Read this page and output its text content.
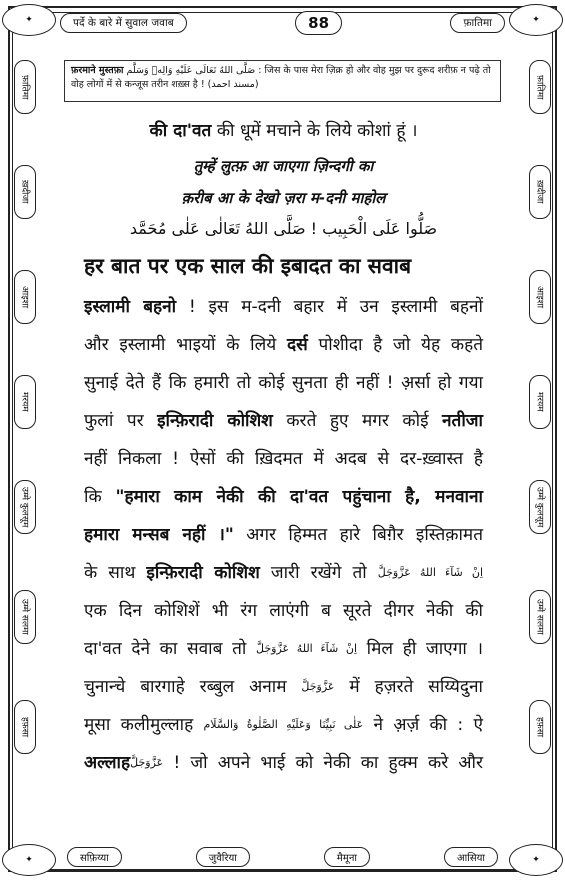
पर्दे के बारे में सुवाल जवाब	88	फ़ातिमा
✦	✦
✦	✦
फ़ातिमा
ख़दीजा
आइशा
मरयम
उम्मे कुलसूम
उम्मे सलमा
हफ़सा
फ़ातिमा
ख़दीजा
आइशा
मरयम
उम्मे कुलसूम
उम्मे सलमा
हफ़सा
सफ़िय्या	जुवैरिया	मैमूना	आसिया
फ़रमाने मुस्तफ़ा صَلَّى اللهُ تَعَالَى عَلَيْهِ وَالِهٖ وَسَلَّم : जिस के पास मेरा ज़िक्र हो और वोह मुझ पर दुरूद शरीफ़ न पढ़े तो वोह लोगों में से कन्जूस तरीन शख़्स है ! (مسند احمد)

की दा'वत की धूमें मचाने के लिये कोशां हूं ।

तुम्हें लुत्फ़ आ जाएगा ज़िन्दगी का

क़रीब आ के देखो ज़रा म-दनी माहोल

صَلُّوا عَلَى الْحَبِيب ! صَلَّى اللهُ تَعَالٰى عَلٰى مُحَمَّد

हर बात पर एक साल की इबादत का सवाब

इस्लामी बहनो ! इस म-दनी बहार में उन इस्लामी बहनों

और इस्लामी भाइयों के लिये दर्स पोशीदा है जो येह कहते

सुनाई देते हैं कि हमारी तो कोई सुनता ही नहीं ! अ़र्सा हो गया

फुलां पर इन्फ़िरादी कोशिश करते हुए मगर कोई नतीजा

नहीं निकला ! ऐसों की ख़िदमत में अदब से दर-ख़्वास्त है

कि "हमारा काम नेकी की दा'वत पहुंचाना है, मनवाना

हमारा मन्सब नहीं ।" अगर हिम्मत हारे बिग़ैर इस्तिक़ामत

के साथ इन्फ़िरादी कोशिश जारी रखेंगे तो اِنْ شَآءَ اللهُ عَزَّوَجَلَّ

एक दिन कोशिशें भी रंग लाएंगी ब सूरते दीगर नेकी की

दा'वत देने का सवाब तो اِنْ شَآءَ اللهُ عَزَّوَجَلَّ मिल ही जाएगा ।

चुनान्चे बारगाहे रब्बुल अनाम عَزَّوَجَلَّ में हज़रते सय्यिदुना

मूसा कलीमुल्लाह عَلٰى نَبِيِّنَا وَعَلَيْهِ الصَّلٰوةُ وَالسَّلَام ने अ़र्ज़ की : ऐ

अल्लाहعَزَّوَجَلَّ ! जो अपने भाई को नेकी का हुक्म करे और
